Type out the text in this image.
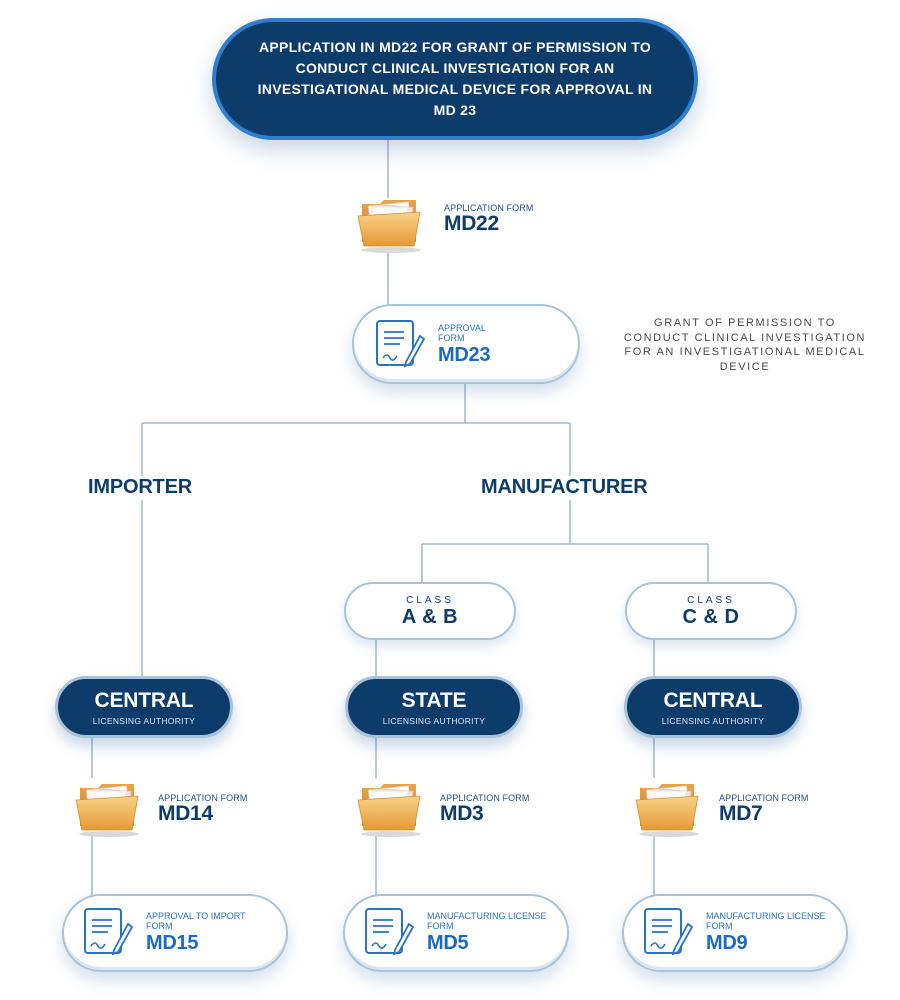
APPLICATION IN MD22 FOR GRANT OF PERMISSION TO CONDUCT CLINICAL INVESTIGATION FOR AN INVESTIGATIONAL MEDICAL DEVICE FOR APPROVAL IN MD 23
APPLICATION FORM
MD22
APPROVAL FORM
MD23
GRANT OF PERMISSION TO CONDUCT CLINICAL INVESTIGATION FOR AN INVESTIGATIONAL MEDICAL DEVICE
IMPORTER	MANUFACTURER
CLASS
A & B
CLASS
C & D
CENTRAL
LICENSING AUTHORITY
STATE
LICENSING AUTHORITY
CENTRAL
LICENSING AUTHORITY
APPLICATION FORM
MD14
APPLICATION FORM
MD3
APPLICATION FORM
MD7
APPROVAL TO IMPORT
FORM
MD15
MANUFACTURING LICENSE
FORM
MD5
MANUFACTURING LICENSE
FORM
MD9
